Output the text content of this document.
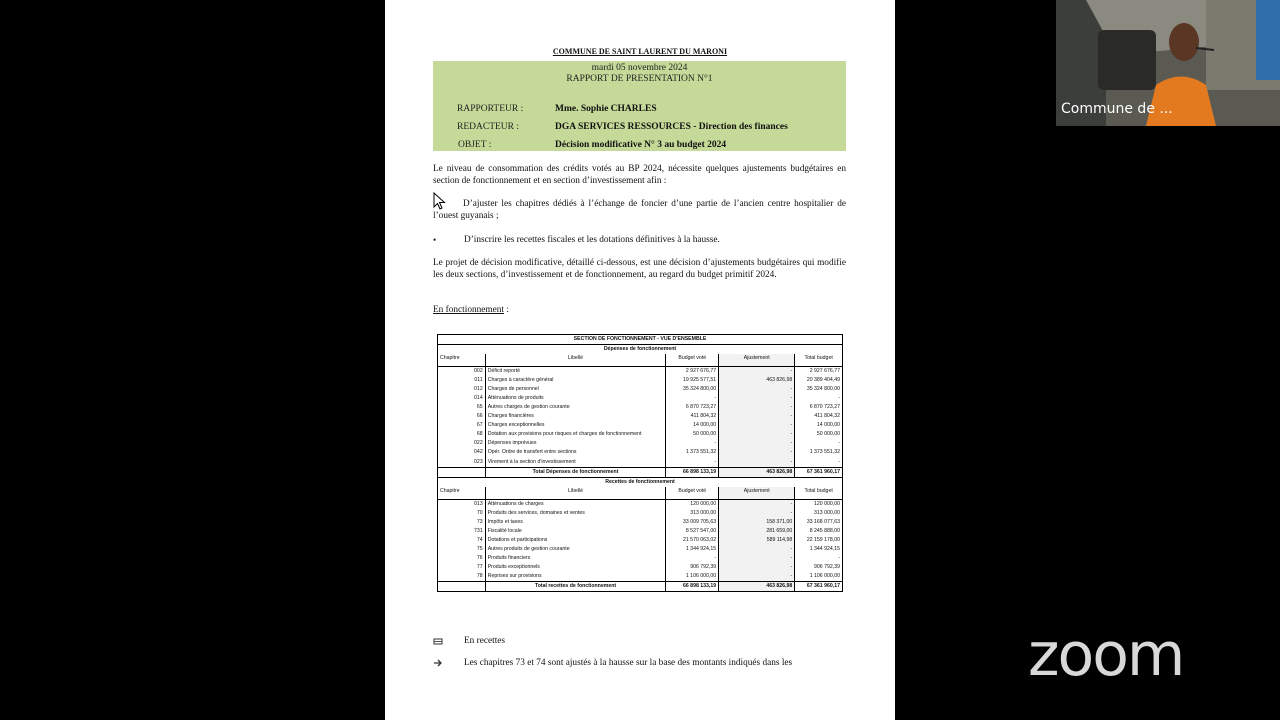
COMMUNE DE SAINT LAURENT DU MARONI
mardi 05 novembre 2024
RAPPORT DE PRESENTATION N°1
RAPPORTEUR :	Mme. Sophie CHARLES
REDACTEUR :	DGA SERVICES RESSOURCES - Direction des finances
OBJET :	Décision modificative N° 3 au budget 2024
Le niveau de consommation des crédits votés au BP 2024, nécessite quelques ajustements budgétaires en section de fonctionnement et en section d’investissement afin :
D’ajuster les chapitres dédiés à l’échange de foncier d’une partie de l’ancien centre hospitalier de l’ouest guyanais ;
•	D’inscrire les recettes fiscales et les dotations définitives à la hausse.
Le projet de décision modificative, détaillé ci-dessous, est une décision d’ajustements budgétaires qui modifie les deux sections, d’investissement et de fonctionnement, au regard du budget primitif 2024.
En fonctionnement :
SECTION DE FONCTIONNEMENT - VUE D'ENSEMBLE				
Dépenses de fonctionnement				
Chapitre	Libellé	Budget voté	Ajustement	Total budget
002	Déficit reporté	2 927 676,77	-	2 927 676,77
011	Charges à caractère général	19 925 577,51	463 826,98	20 389 404,49
012	Charges de personnel	35 324 800,00	-	35 324 800,00
014	Atténuations de produits	-	-	-
65	Autres charges de gestion courante	6 870 723,27	-	6 870 723,27
66	Charges financières	411 804,32	-	411 804,32
67	Charges exceptionnelles	14 000,00	-	14 000,00
68	Dotation aux provisions pour risques et charges de fonctionnement	50 000,00	-	50 000,00
022	Dépenses imprévues	-	-	-
042	Opér. Ordre de transfert entre sections	1 373 551,32	-	1 373 551,32
023	Virement à la section d'investissement	-	-	-
	Total Dépenses de fonctionnement	66 898 133,19	463 826,98	67 361 960,17
Recettes de fonctionnement				
Chapitre	Libellé	Budget voté	Ajustement	Total budget
013	Atténuations de charges	120 000,00	-	120 000,00
70	Produits des services, domaines et ventes	313 000,00	-	313 000,00
73	Impôts et taxes	33 009 705,63	158 371,00	33 168 077,63
731	Fiscalité locale	8 527 547,00	281 659,00	8 245 888,00
74	Dotations et participations	21 570 063,02	589 114,98	22 159 178,00
75	Autres produits de gestion courante	1 344 924,15	-	1 344 924,15
76	Produits financiers	-	-	-
77	Produits exceptionnels	906 792,39	-	906 792,39
78	Reprises sur provisions	1 106 000,00	-	1 106 000,00
	Total recettes de fonctionnement	66 898 133,19	463 826,98	67 361 960,17
En recettes
Les chapitres 73 et 74 sont ajustés à la hausse sur la base des montants indiqués dans les
Commune de ...
zoom
